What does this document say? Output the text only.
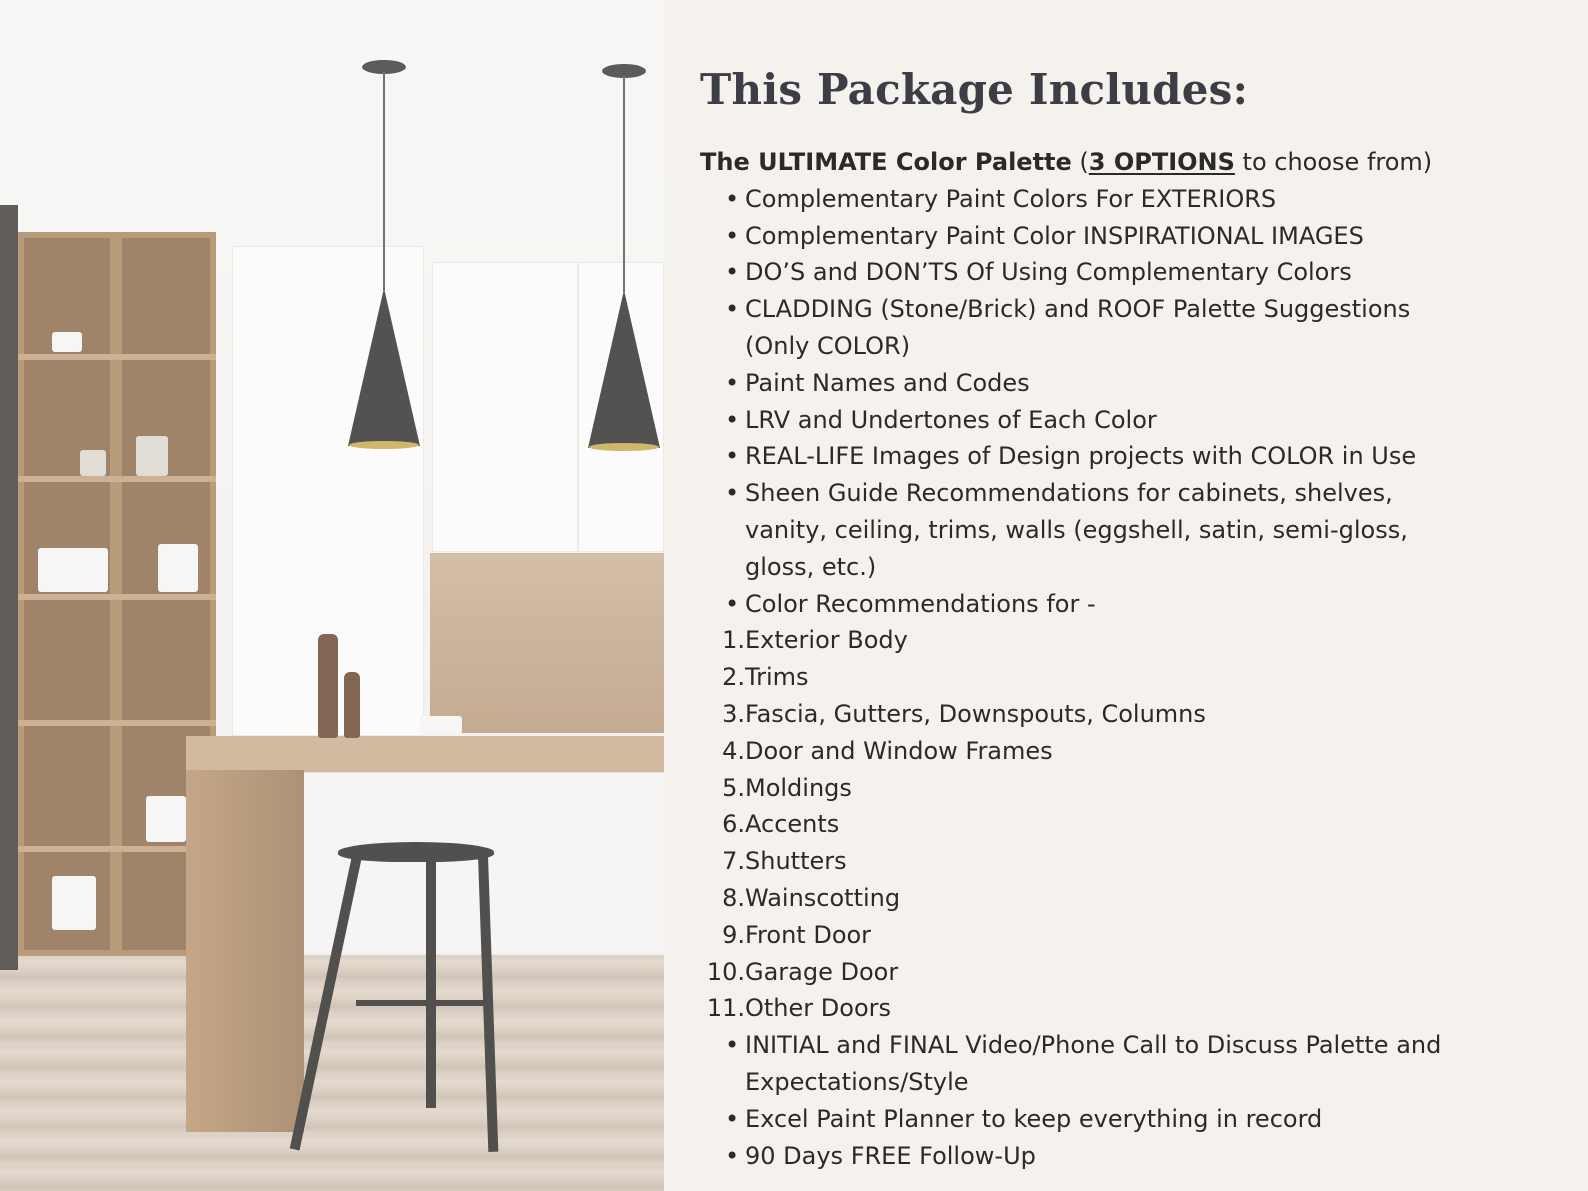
This Package Includes:
The ULTIMATE Color Palette (3 OPTIONS to choose from)
• Complementary Paint Colors For EXTERIORS
• Complementary Paint Color INSPIRATIONAL IMAGES
• DO’S and DON’TS Of Using Complementary Colors
• CLADDING (Stone/Brick) and ROOF Palette Suggestions
(Only COLOR)
• Paint Names and Codes
• LRV and Undertones of Each Color
• REAL-LIFE Images of Design projects with COLOR in Use
• Sheen Guide Recommendations for cabinets, shelves,
vanity, ceiling, trims, walls (eggshell, satin, semi-gloss,
gloss, etc.)
• Color Recommendations for -
1. Exterior Body
2. Trims
3. Fascia, Gutters, Downspouts, Columns
4. Door and Window Frames
5. Moldings
6. Accents
7. Shutters
8. Wainscotting
9. Front Door
10. Garage Door
11. Other Doors
• INITIAL and FINAL Video/Phone Call to Discuss Palette and
Expectations/Style
• Excel Paint Planner to keep everything in record
• 90 Days FREE Follow-Up
